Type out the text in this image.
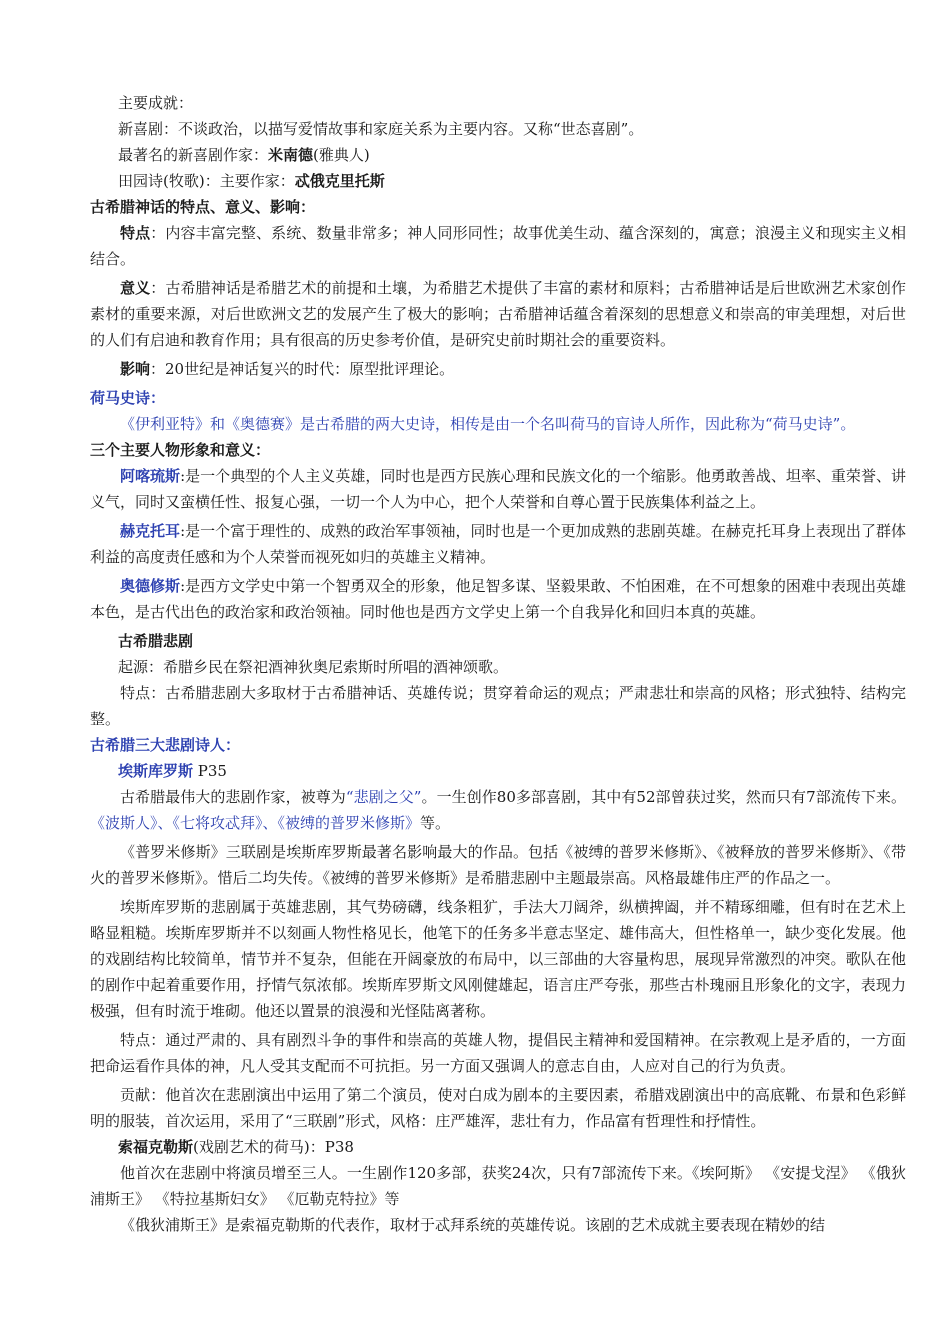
主要成就：

新喜剧：不谈政治，以描写爱情故事和家庭关系为主要内容。又称“世态喜剧”。

最著名的新喜剧作家：米南德(雅典人)

田园诗(牧歌)：主要作家：忒俄克里托斯

古希腊神话的特点、意义、影响：

特点：内容丰富完整、系统、数量非常多；神人同形同性；故事优美生动、蕴含深刻的，寓意；浪漫主义和现实主义相结合。

意义：古希腊神话是希腊艺术的前提和土壤，为希腊艺术提供了丰富的素材和原料；古希腊神话是后世欧洲艺术家创作素材的重要来源，对后世欧洲文艺的发展产生了极大的影响；古希腊神话蕴含着深刻的思想意义和崇高的审美理想，对后世的人们有启迪和教育作用；具有很高的历史参考价值，是研究史前时期社会的重要资料。

影响：20世纪是神话复兴的时代：原型批评理论。

荷马史诗：

《伊利亚特》和《奥德赛》是古希腊的两大史诗，相传是由一个名叫荷马的盲诗人所作，因此称为“荷马史诗”。

三个主要人物形象和意义：

阿喀琉斯:是一个典型的个人主义英雄，同时也是西方民族心理和民族文化的一个缩影。他勇敢善战、坦率、重荣誉、讲义气，同时又蛮横任性、报复心强，一切一个人为中心，把个人荣誉和自尊心置于民族集体利益之上。

赫克托耳:是一个富于理性的、成熟的政治军事领袖，同时也是一个更加成熟的悲剧英雄。在赫克托耳身上表现出了群体利益的高度责任感和为个人荣誉而视死如归的英雄主义精神。

奥德修斯:是西方文学史中第一个智勇双全的形象，他足智多谋、坚毅果敢、不怕困难，在不可想象的困难中表现出英雄本色，是古代出色的政治家和政治领袖。同时他也是西方文学史上第一个自我异化和回归本真的英雄。

古希腊悲剧

起源：希腊乡民在祭祀酒神狄奥尼索斯时所唱的酒神颂歌。

特点：古希腊悲剧大多取材于古希腊神话、英雄传说；贯穿着命运的观点；严肃悲壮和崇高的风格；形式独特、结构完整。

古希腊三大悲剧诗人：

埃斯库罗斯 P35

古希腊最伟大的悲剧作家，被尊为“悲剧之父”。一生创作80多部喜剧，其中有52部曾获过奖，然而只有7部流传下来。《波斯人》、《七将攻忒拜》、《被缚的普罗米修斯》等。

《普罗米修斯》三联剧是埃斯库罗斯最著名影响最大的作品。包括《被缚的普罗米修斯》、《被释放的普罗米修斯》、《带火的普罗米修斯》。惜后二均失传。《被缚的普罗米修斯》是希腊悲剧中主题最崇高。风格最雄伟庄严的作品之一。

埃斯库罗斯的悲剧属于英雄悲剧，其气势磅礴，线条粗犷，手法大刀阔斧，纵横捭阖，并不精琢细雕，但有时在艺术上略显粗糙。埃斯库罗斯并不以刻画人物性格见长，他笔下的任务多半意志坚定、雄伟高大，但性格单一，缺少变化发展。他的戏剧结构比较简单，情节并不复杂，但能在开阔豪放的布局中，以三部曲的大容量构思，展现异常激烈的冲突。歌队在他的剧作中起着重要作用，抒情气氛浓郁。埃斯库罗斯文风刚健雄起，语言庄严夸张，那些古朴瑰丽且形象化的文字，表现力极强，但有时流于堆砌。他还以置景的浪漫和光怪陆离著称。

特点：通过严肃的、具有剧烈斗争的事件和崇高的英雄人物，提倡民主精神和爱国精神。在宗教观上是矛盾的，一方面把命运看作具体的神，凡人受其支配而不可抗拒。另一方面又强调人的意志自由，人应对自己的行为负责。

贡献：他首次在悲剧演出中运用了第二个演员，使对白成为剧本的主要因素，希腊戏剧演出中的高底靴、布景和色彩鲜明的服装，首次运用，采用了“三联剧”形式，风格：庄严雄浑，悲壮有力，作品富有哲理性和抒情性。

索福克勒斯(戏剧艺术的荷马)：P38

他首次在悲剧中将演员增至三人。一生剧作120多部，获奖24次，只有7部流传下来。《埃阿斯》 《安提戈涅》 《俄狄浦斯王》 《特拉基斯妇女》 《厄勒克特拉》等

《俄狄浦斯王》是索福克勒斯的代表作，取材于忒拜系统的英雄传说。该剧的艺术成就主要表现在精妙的结
